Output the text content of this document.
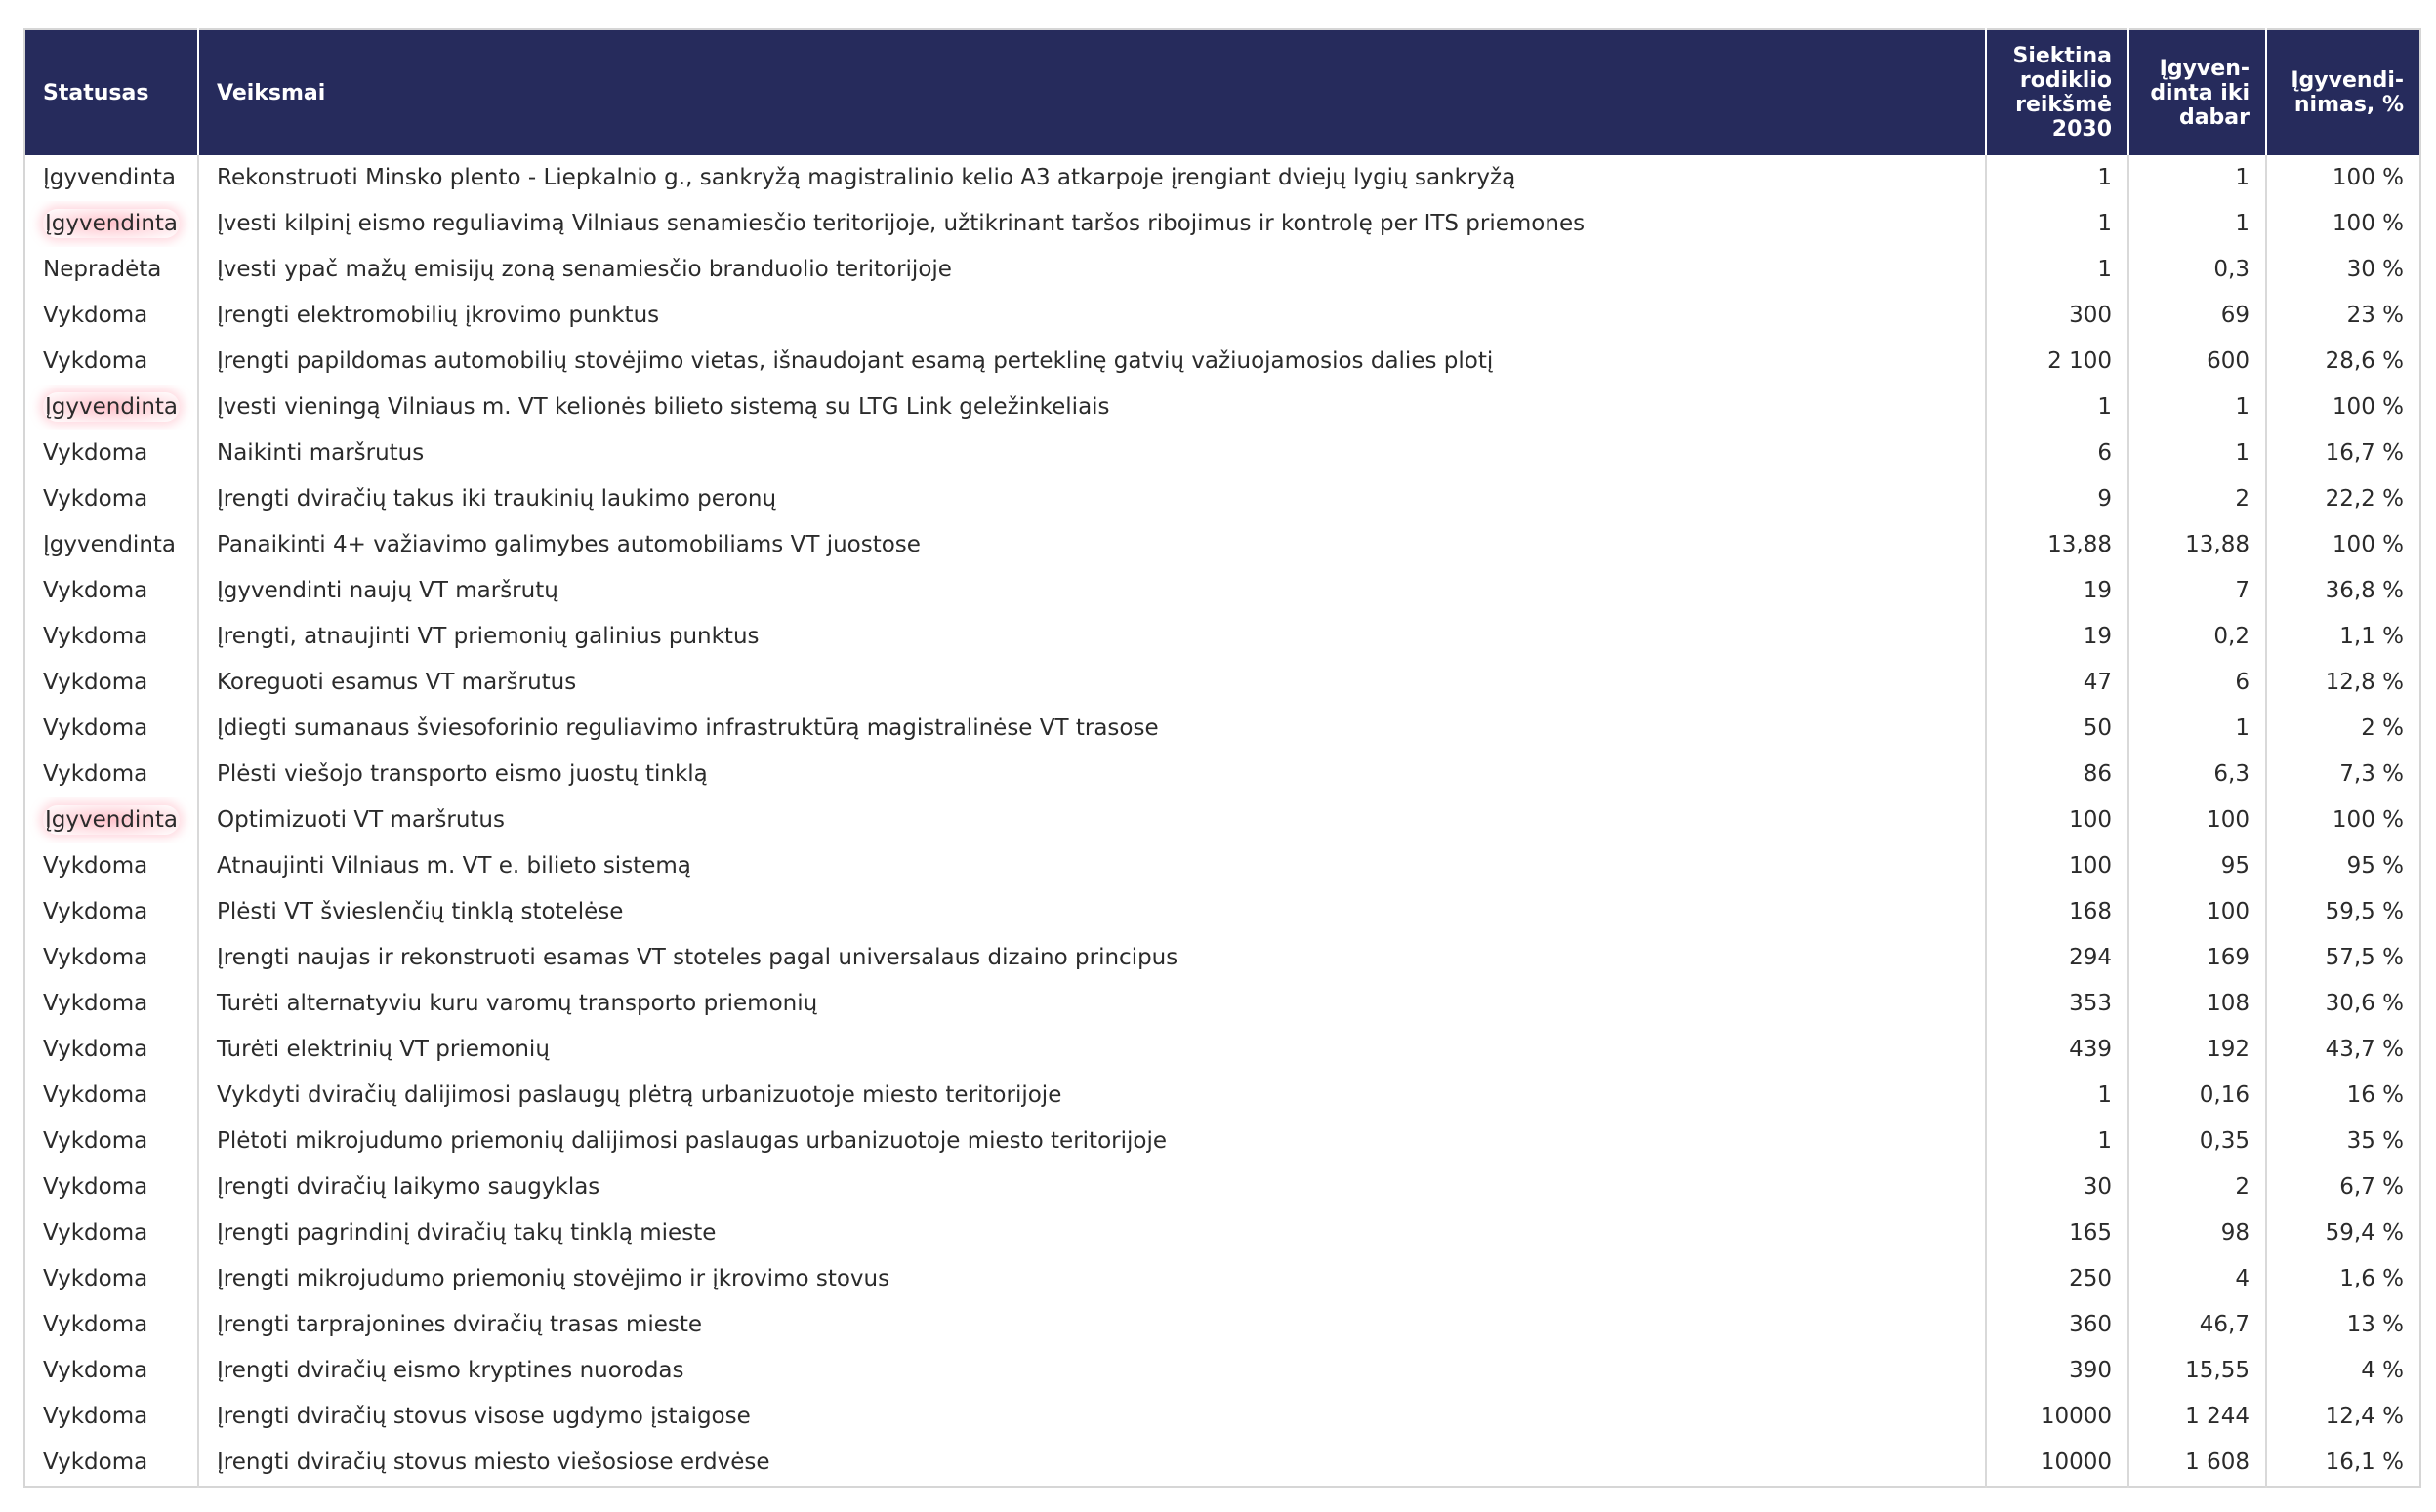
Statusas	Veiksmai	Siektina
rodiklio
reikšmė
2030	Įgyven-
dinta iki
dabar	Įgyvendi-
nimas, %

Įgyvendinta	Rekonstruoti Minsko plento - Liepkalnio g., sankryžą magistralinio kelio A3 atkarpoje įrengiant dviejų lygių sankryžą	1	1	100 %
Įgyvendinta	Įvesti kilpinį eismo reguliavimą Vilniaus senamiesčio teritorijoje, užtikrinant taršos ribojimus ir kontrolę per ITS priemones	1	1	100 %
Nepradėta	Įvesti ypač mažų emisijų zoną senamiesčio branduolio teritorijoje	1	0,3	30 %
Vykdoma	Įrengti elektromobilių įkrovimo punktus	300	69	23 %
Vykdoma	Įrengti papildomas automobilių stovėjimo vietas, išnaudojant esamą perteklinę gatvių važiuojamosios dalies plotį	2 100	600	28,6 %
Įgyvendinta	Įvesti vieningą Vilniaus m. VT kelionės bilieto sistemą su LTG Link geležinkeliais	1	1	100 %
Vykdoma	Naikinti maršrutus	6	1	16,7 %
Vykdoma	Įrengti dviračių takus iki traukinių laukimo peronų	9	2	22,2 %
Įgyvendinta	Panaikinti 4+ važiavimo galimybes automobiliams VT juostose	13,88	13,88	100 %
Vykdoma	Įgyvendinti naujų VT maršrutų	19	7	36,8 %
Vykdoma	Įrengti, atnaujinti VT priemonių galinius punktus	19	0,2	1,1 %
Vykdoma	Koreguoti esamus VT maršrutus	47	6	12,8 %
Vykdoma	Įdiegti sumanaus šviesoforinio reguliavimo infrastruktūrą magistralinėse VT trasose	50	1	2 %
Vykdoma	Plėsti viešojo transporto eismo juostų tinklą	86	6,3	7,3 %
Įgyvendinta	Optimizuoti VT maršrutus	100	100	100 %
Vykdoma	Atnaujinti Vilniaus m. VT e. bilieto sistemą	100	95	95 %
Vykdoma	Plėsti VT švieslenčių tinklą stotelėse	168	100	59,5 %
Vykdoma	Įrengti naujas ir rekonstruoti esamas VT stoteles pagal universalaus dizaino principus	294	169	57,5 %
Vykdoma	Turėti alternatyviu kuru varomų transporto priemonių	353	108	30,6 %
Vykdoma	Turėti elektrinių VT priemonių	439	192	43,7 %
Vykdoma	Vykdyti dviračių dalijimosi paslaugų plėtrą urbanizuotoje miesto teritorijoje	1	0,16	16 %
Vykdoma	Plėtoti mikrojudumo priemonių dalijimosi paslaugas urbanizuotoje miesto teritorijoje	1	0,35	35 %
Vykdoma	Įrengti dviračių laikymo saugyklas	30	2	6,7 %
Vykdoma	Įrengti pagrindinį dviračių takų tinklą mieste	165	98	59,4 %
Vykdoma	Įrengti mikrojudumo priemonių stovėjimo ir įkrovimo stovus	250	4	1,6 %
Vykdoma	Įrengti tarprajonines dviračių trasas mieste	360	46,7	13 %
Vykdoma	Įrengti dviračių eismo kryptines nuorodas	390	15,55	4 %
Vykdoma	Įrengti dviračių stovus visose ugdymo įstaigose	10000	1 244	12,4 %
Vykdoma	Įrengti dviračių stovus miesto viešosiose erdvėse	10000	1 608	16,1 %
